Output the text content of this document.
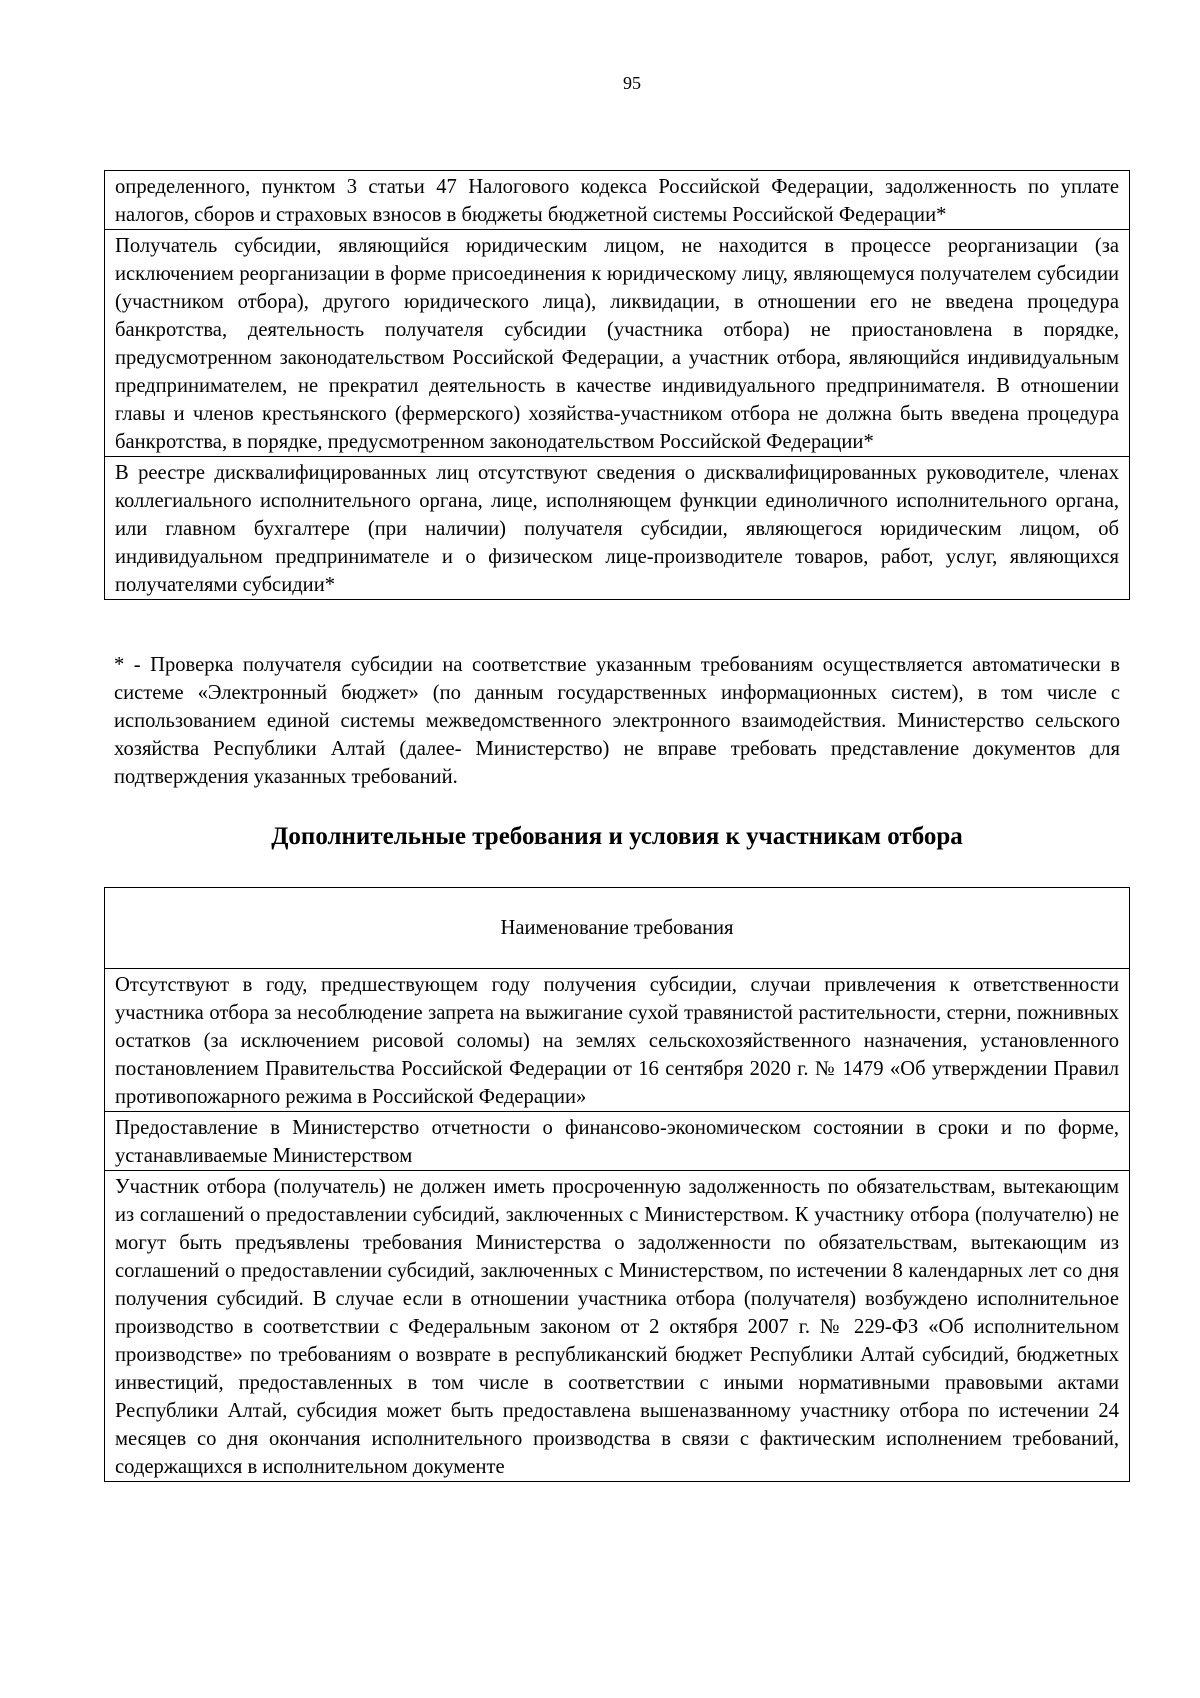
95
определенного, пунктом 3 статьи 47 Налогового кодекса Российской Федерации, задолженность по уплате налогов, сборов и страховых взносов в бюджеты бюджетной системы Российской Федерации*
Получатель субсидии, являющийся юридическим лицом, не находится в процессе реорганизации (за исключением реорганизации в форме присоединения к юридическому лицу, являющемуся получателем субсидии (участником отбора), другого юридического лица), ликвидации, в отношении его не введена процедура банкротства, деятельность получателя субсидии (участника отбора) не приостановлена в порядке, предусмотренном законодательством Российской Федерации, а участник отбора, являющийся индивидуальным предпринимателем, не прекратил деятельность в качестве индивидуального предпринимателя. В отношении главы и членов крестьянского (фермерского) хозяйства-участником отбора не должна быть введена процедура банкротства, в порядке, предусмотренном законодательством Российской Федерации*
В реестре дисквалифицированных лиц отсутствуют сведения о дисквалифицированных руководителе, членах коллегиального исполнительного органа, лице, исполняющем функции единоличного исполнительного органа, или главном бухгалтере (при наличии) получателя субсидии, являющегося юридическим лицом, об индивидуальном предпринимателе и о физическом лице-производителе товаров, работ, услуг, являющихся получателями субсидии*
* - Проверка получателя субсидии на соответствие указанным требованиям осуществляется автоматически в системе «Электронный бюджет» (по данным государственных информационных систем), в том числе с использованием единой системы межведомственного электронного взаимодействия. Министерство сельского хозяйства Республики Алтай (далее- Министерство) не вправе требовать представление документов для подтверждения указанных требований.
Дополнительные требования и условия к участникам отбора
Наименование требования
Отсутствуют в году, предшествующем году получения субсидии, случаи привлечения к ответственности участника отбора за несоблюдение запрета на выжигание сухой травянистой растительности, стерни, пожнивных остатков (за исключением рисовой соломы) на землях сельскохозяйственного назначения, установленного постановлением Правительства Российской Федерации от 16 сентября 2020 г. № 1479 «Об утверждении Правил противопожарного режима в Российской Федерации»
Предоставление в Министерство отчетности о финансово-экономическом состоянии в сроки и по форме, устанавливаемые Министерством
Участник отбора (получатель) не должен иметь просроченную задолженность по обязательствам, вытекающим из соглашений о предоставлении субсидий, заключенных с Министерством. К участнику отбора (получателю) не могут быть предъявлены требования Министерства о задолженности по обязательствам, вытекающим из соглашений о предоставлении субсидий, заключенных с Министерством, по истечении 8 календарных лет со дня получения субсидий. В случае если в отношении участника отбора (получателя) возбуждено исполнительное производство в соответствии с Федеральным законом от 2 октября 2007 г. № 229-ФЗ «Об исполнительном производстве» по требованиям о возврате в республиканский бюджет Республики Алтай субсидий, бюджетных инвестиций, предоставленных в том числе в соответствии с иными нормативными правовыми актами Республики Алтай, субсидия может быть предоставлена вышеназванному участнику отбора по истечении 24 месяцев со дня окончания исполнительного производства в связи с фактическим исполнением требований, содержащихся в исполнительном документе
